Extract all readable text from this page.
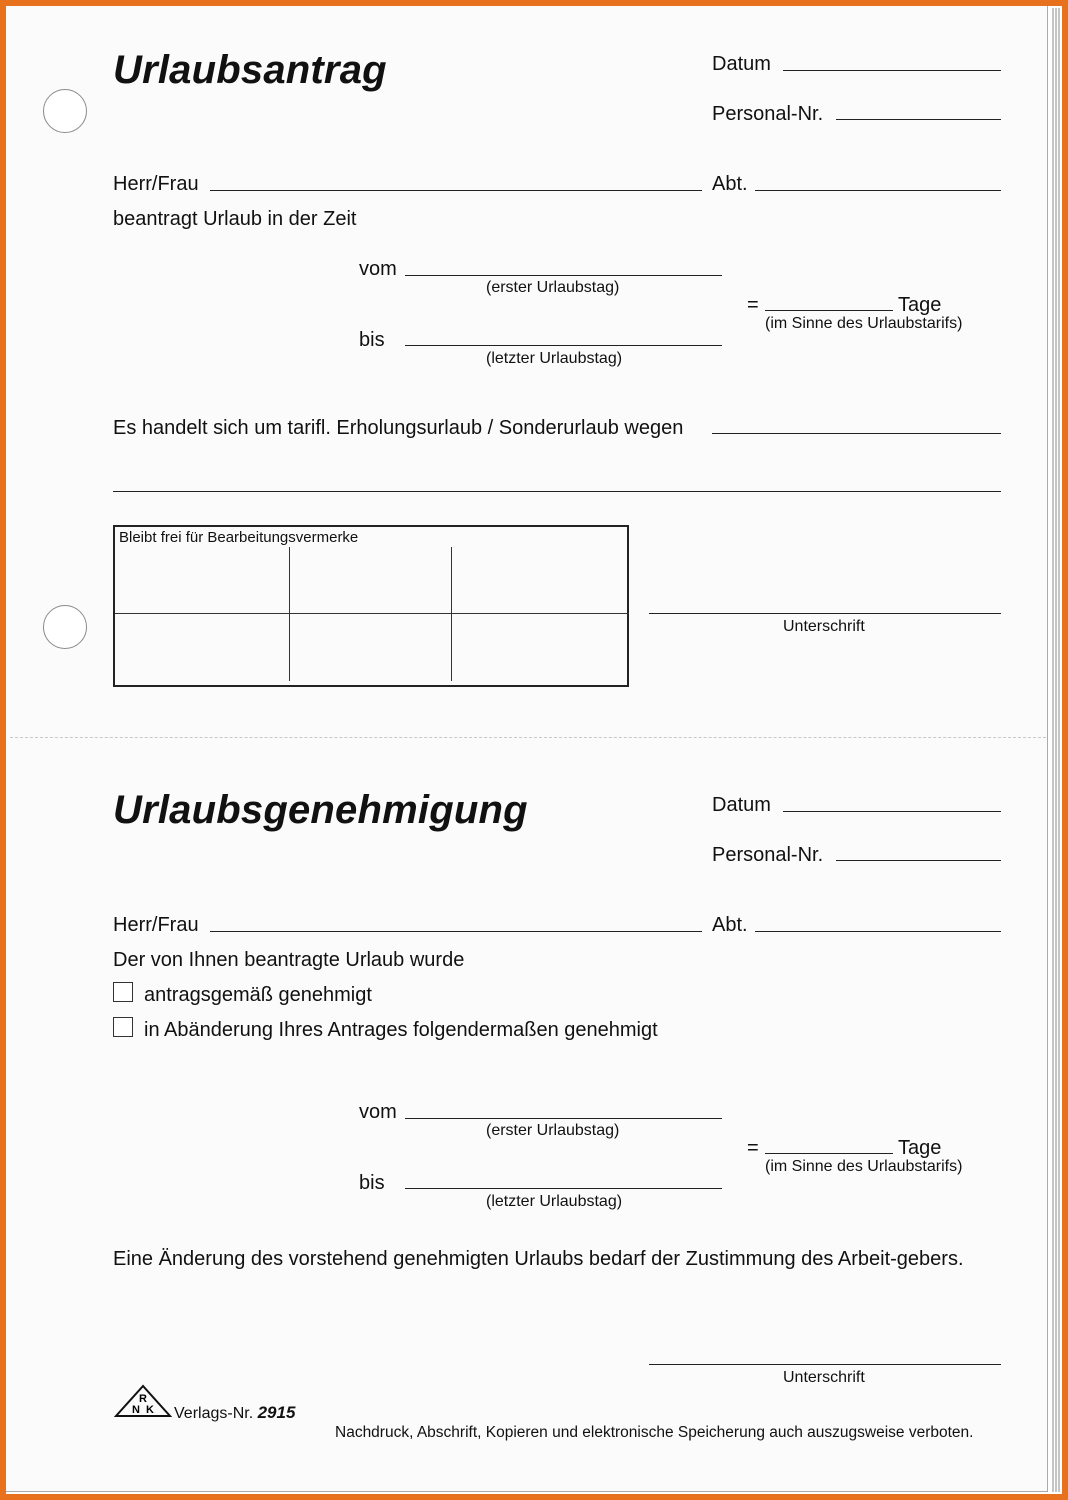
Urlaubsantrag	Datum
Personal-Nr.
Herr/Frau	Abt.
beantragt Urlaub in der Zeit
vom
(erster Urlaubstag)
=	Tage
(im Sinne des Urlaubstarifs)
bis
(letzter Urlaubstag)
Es handelt sich um tarifl. Erholungsurlaub / Sonderurlaub wegen
Bleibt frei für Bearbeitungsvermerke
Unterschrift
Urlaubsgenehmigung	Datum
Personal-Nr.
Herr/Frau	Abt.
Der von Ihnen beantragte Urlaub wurde
antragsgemäß genehmigt
in Abänderung Ihres Antrages folgendermaßen genehmigt
vom
(erster Urlaubstag)
=	Tage
(im Sinne des Urlaubstarifs)
bis
(letzter Urlaubstag)
Eine Änderung des vorstehend genehmigten Urlaubs bedarf der Zustimmung des Arbeit-gebers.
Unterschrift
R
N K Verlags-Nr. 2915
Nachdruck, Abschrift, Kopieren und elektronische Speicherung auch auszugsweise verboten.
